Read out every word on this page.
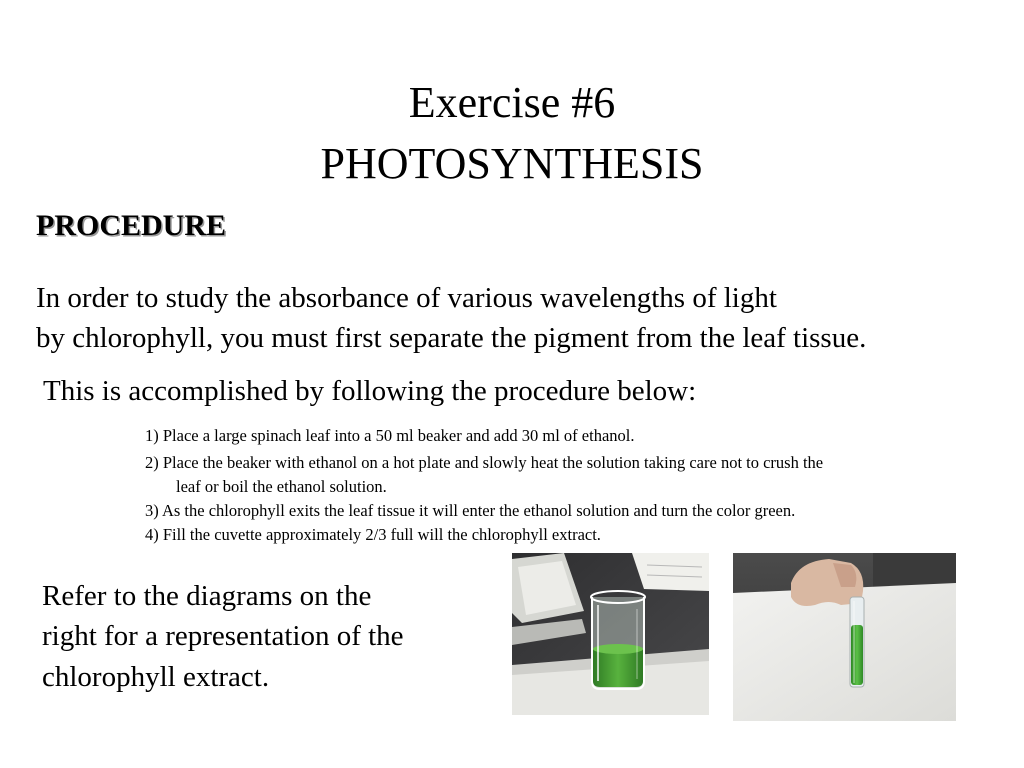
Exercise #6
PHOTOSYNTHESIS
PROCEDURE
In order to study the absorbance of various wavelengths of light
by chlorophyll, you must first separate the pigment from the leaf tissue.
This is accomplished by following the procedure below:
1) Place a large spinach leaf into a 50 ml beaker and add 30 ml of ethanol.
2) Place the beaker with ethanol on a hot plate and slowly heat the solution taking care not to crush the
leaf or boil the ethanol solution.
3) As the chlorophyll exits the leaf tissue it will enter the ethanol solution and turn the color green.
4) Fill the cuvette approximately 2/3 full will the chlorophyll extract.
Refer to the diagrams on the
right for a representation of the
chlorophyll extract.
